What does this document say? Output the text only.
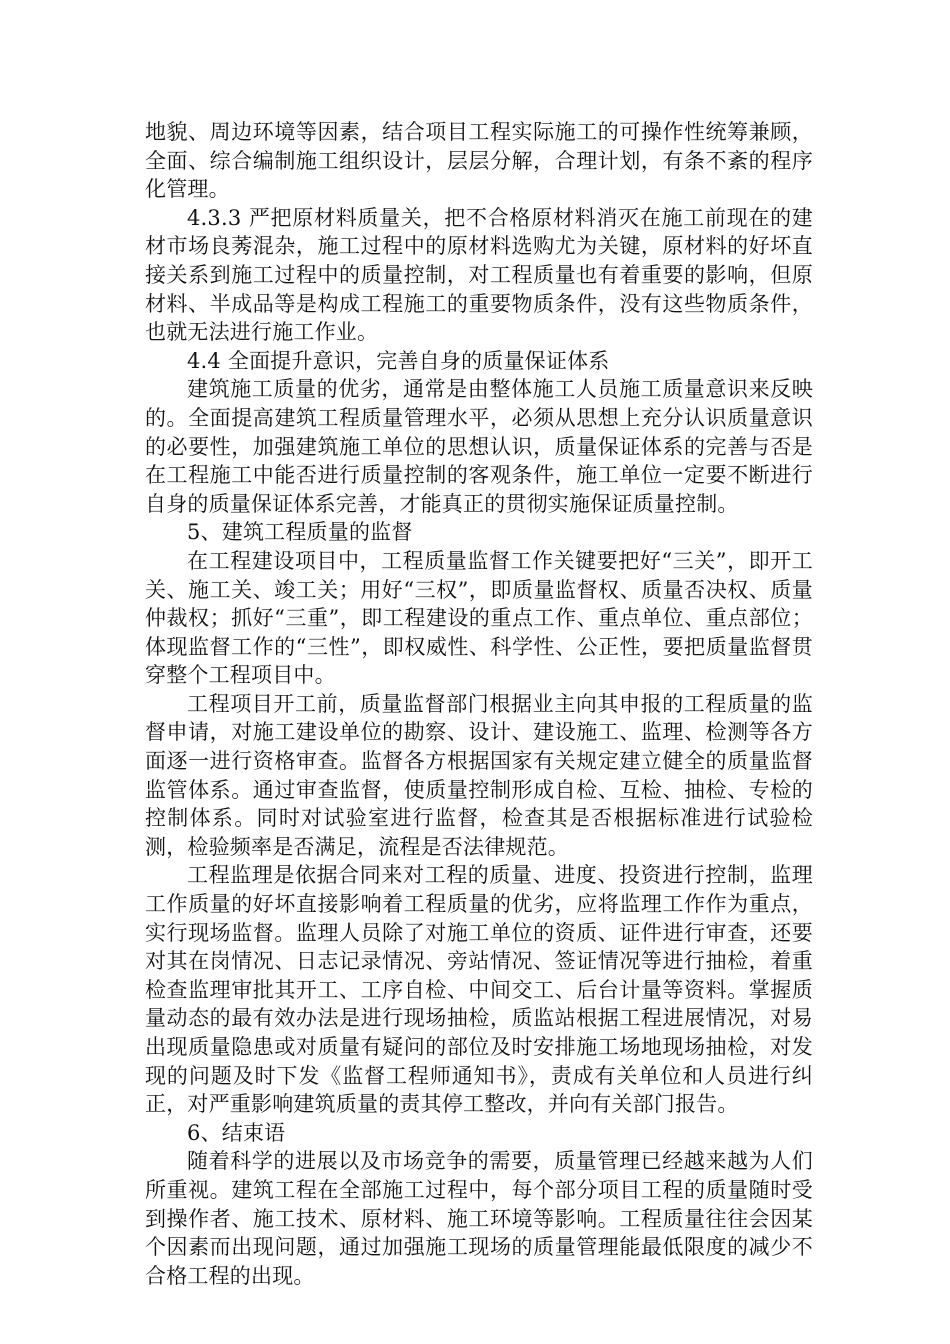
地貌、周边环境等因素，结合项目工程实际施工的可操作性统筹兼顾，全面、综合编制施工组织设计，层层分解，合理计划，有条不紊的程序化管理。

4.3.3 严把原材料质量关，把不合格原材料消灭在施工前现在的建材市场良莠混杂，施工过程中的原材料选购尤为关键，原材料的好坏直接关系到施工过程中的质量控制，对工程质量也有着重要的影响，但原材料、半成品等是构成工程施工的重要物质条件，没有这些物质条件，也就无法进行施工作业。

4.4 全面提升意识，完善自身的质量保证体系

建筑施工质量的优劣，通常是由整体施工人员施工质量意识来反映的。全面提高建筑工程质量管理水平，必须从思想上充分认识质量意识的必要性，加强建筑施工单位的思想认识，质量保证体系的完善与否是在工程施工中能否进行质量控制的客观条件，施工单位一定要不断进行自身的质量保证体系完善，才能真正的贯彻实施保证质量控制。

5、建筑工程质量的监督

在工程建设项目中，工程质量监督工作关键要把好“三关”，即开工关、施工关、竣工关；用好“三权”，即质量监督权、质量否决权、质量仲裁权；抓好“三重”，即工程建设的重点工作、重点单位、重点部位；体现监督工作的“三性”，即权威性、科学性、公正性，要把质量监督贯穿整个工程项目中。

工程项目开工前，质量监督部门根据业主向其申报的工程质量的监督申请，对施工建设单位的勘察、设计、建设施工、监理、检测等各方面逐一进行资格审查。监督各方根据国家有关规定建立健全的质量监督监管体系。通过审查监督，使质量控制形成自检、互检、抽检、专检的控制体系。同时对试验室进行监督，检查其是否根据标准进行试验检测，检验频率是否满足，流程是否法律规范。

工程监理是依据合同来对工程的质量、进度、投资进行控制，监理工作质量的好坏直接影响着工程质量的优劣，应将监理工作作为重点，实行现场监督。监理人员除了对施工单位的资质、证件进行审查，还要对其在岗情况、日志记录情况、旁站情况、签证情况等进行抽检，着重检查监理审批其开工、工序自检、中间交工、后台计量等资料。掌握质量动态的最有效办法是进行现场抽检，质监站根据工程进展情况，对易出现质量隐患或对质量有疑问的部位及时安排施工场地现场抽检，对发现的问题及时下发《监督工程师通知书》，责成有关单位和人员进行纠正，对严重影响建筑质量的责其停工整改，并向有关部门报告。

6、结束语

随着科学的进展以及市场竞争的需要，质量管理已经越来越为人们所重视。建筑工程在全部施工过程中，每个部分项目工程的质量随时受到操作者、施工技术、原材料、施工环境等影响。工程质量往往会因某个因素而出现问题，通过加强施工现场的质量管理能最低限度的减少不合格工程的出现。
